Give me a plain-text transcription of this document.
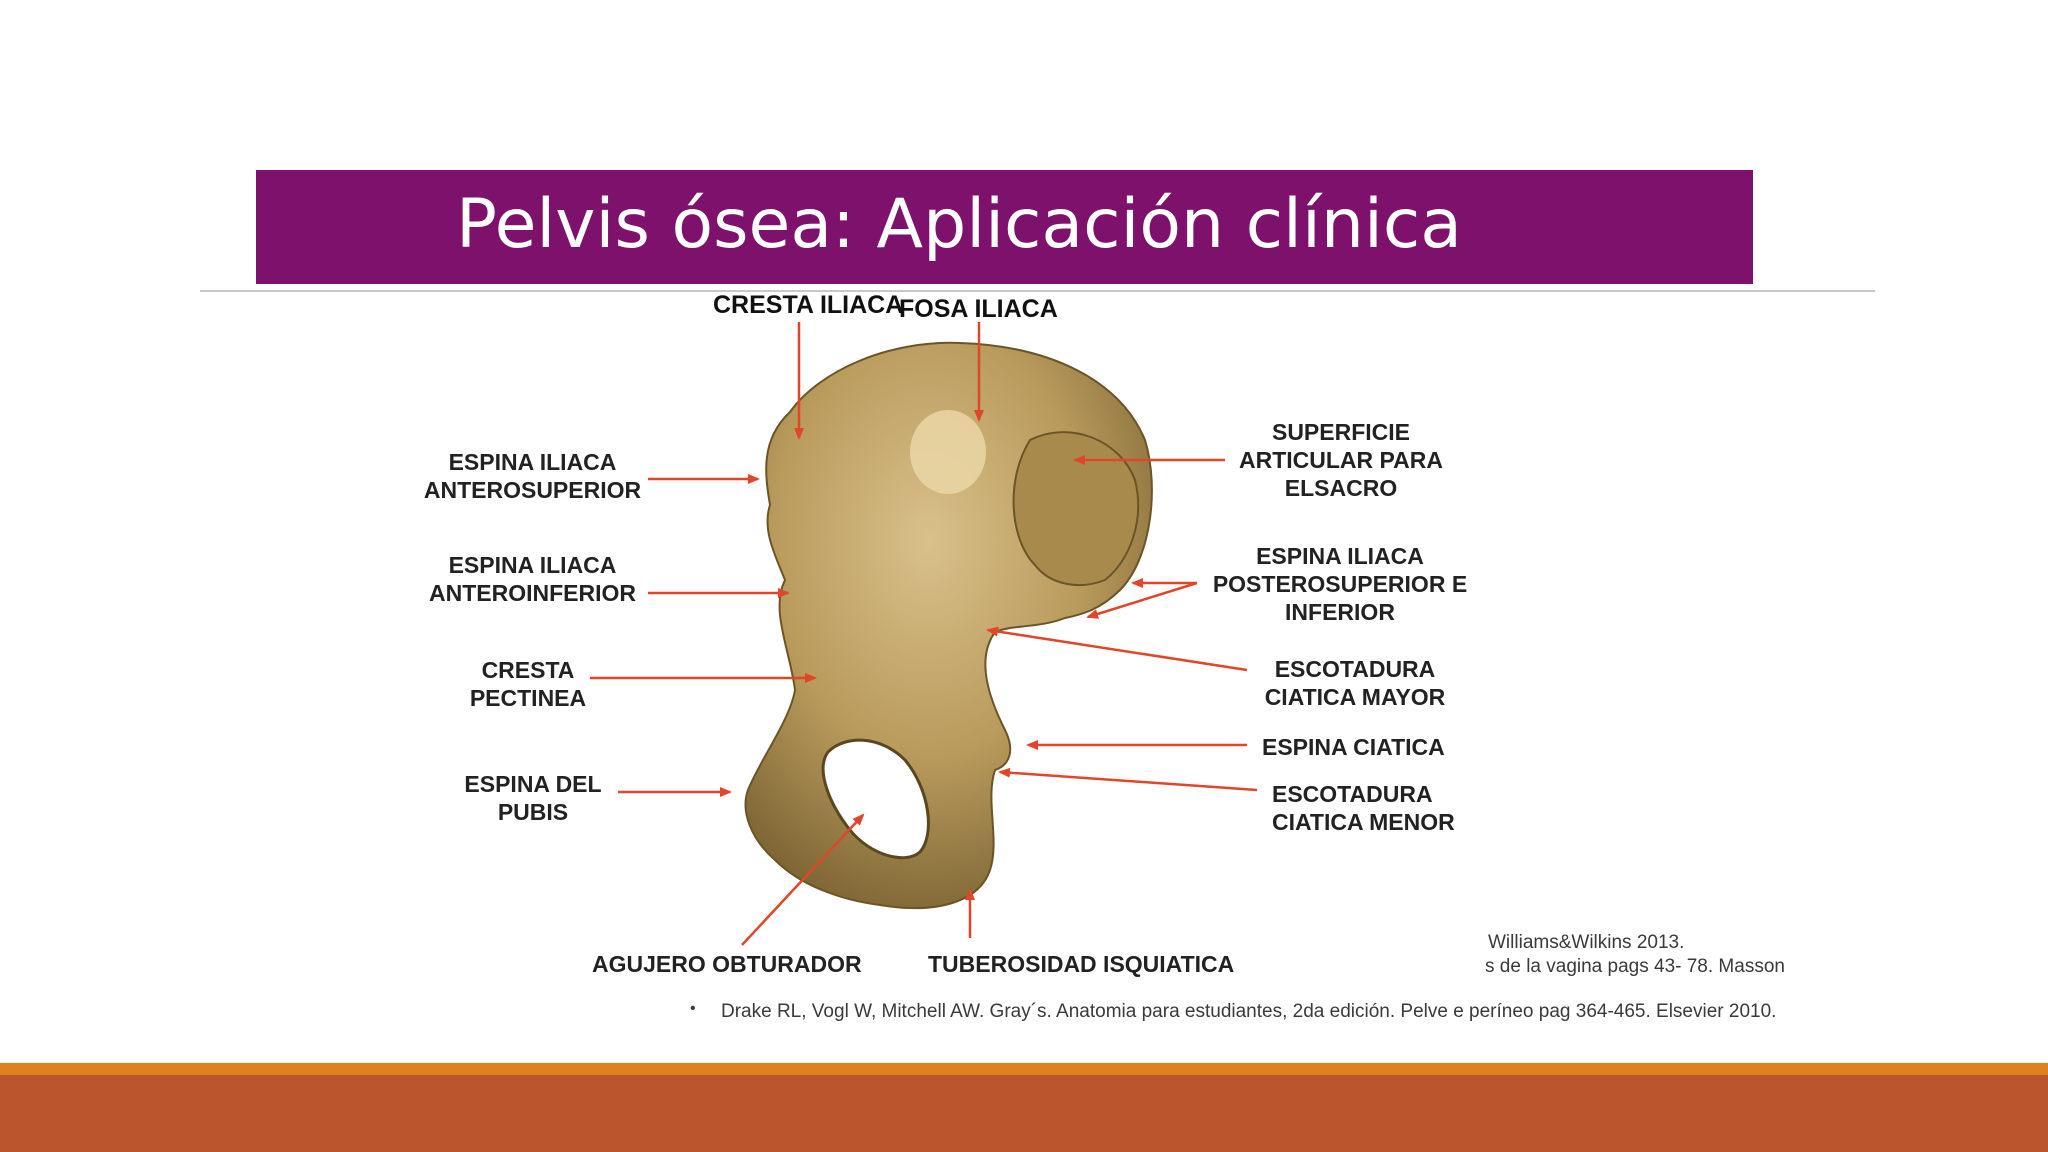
Pelvis ósea: Aplicación clínica
CRESTA ILIACA
FOSA ILIACA
ESPINA ILIACA
ANTEROSUPERIOR
ESPINA ILIACA
ANTEROINFERIOR
CRESTA
PECTINEA
ESPINA DEL
PUBIS
AGUJERO OBTURADOR	TUBEROSIDAD ISQUIATICA
SUPERFICIE
ARTICULAR PARA
ELSACRO
ESPINA ILIACA
POSTEROSUPERIOR E
INFERIOR
ESCOTADURA
CIATICA MAYOR
ESPINA CIATICA
ESCOTADURA
CIATICA MENOR
Williams&Wilkins 2013.
s de la vagina pags 43- 78. Masson
• Drake RL, Vogl W, Mitchell AW. Gray´s. Anatomia para estudiantes, 2da edición. Pelve e períneo pag 364-465. Elsevier 2010.
